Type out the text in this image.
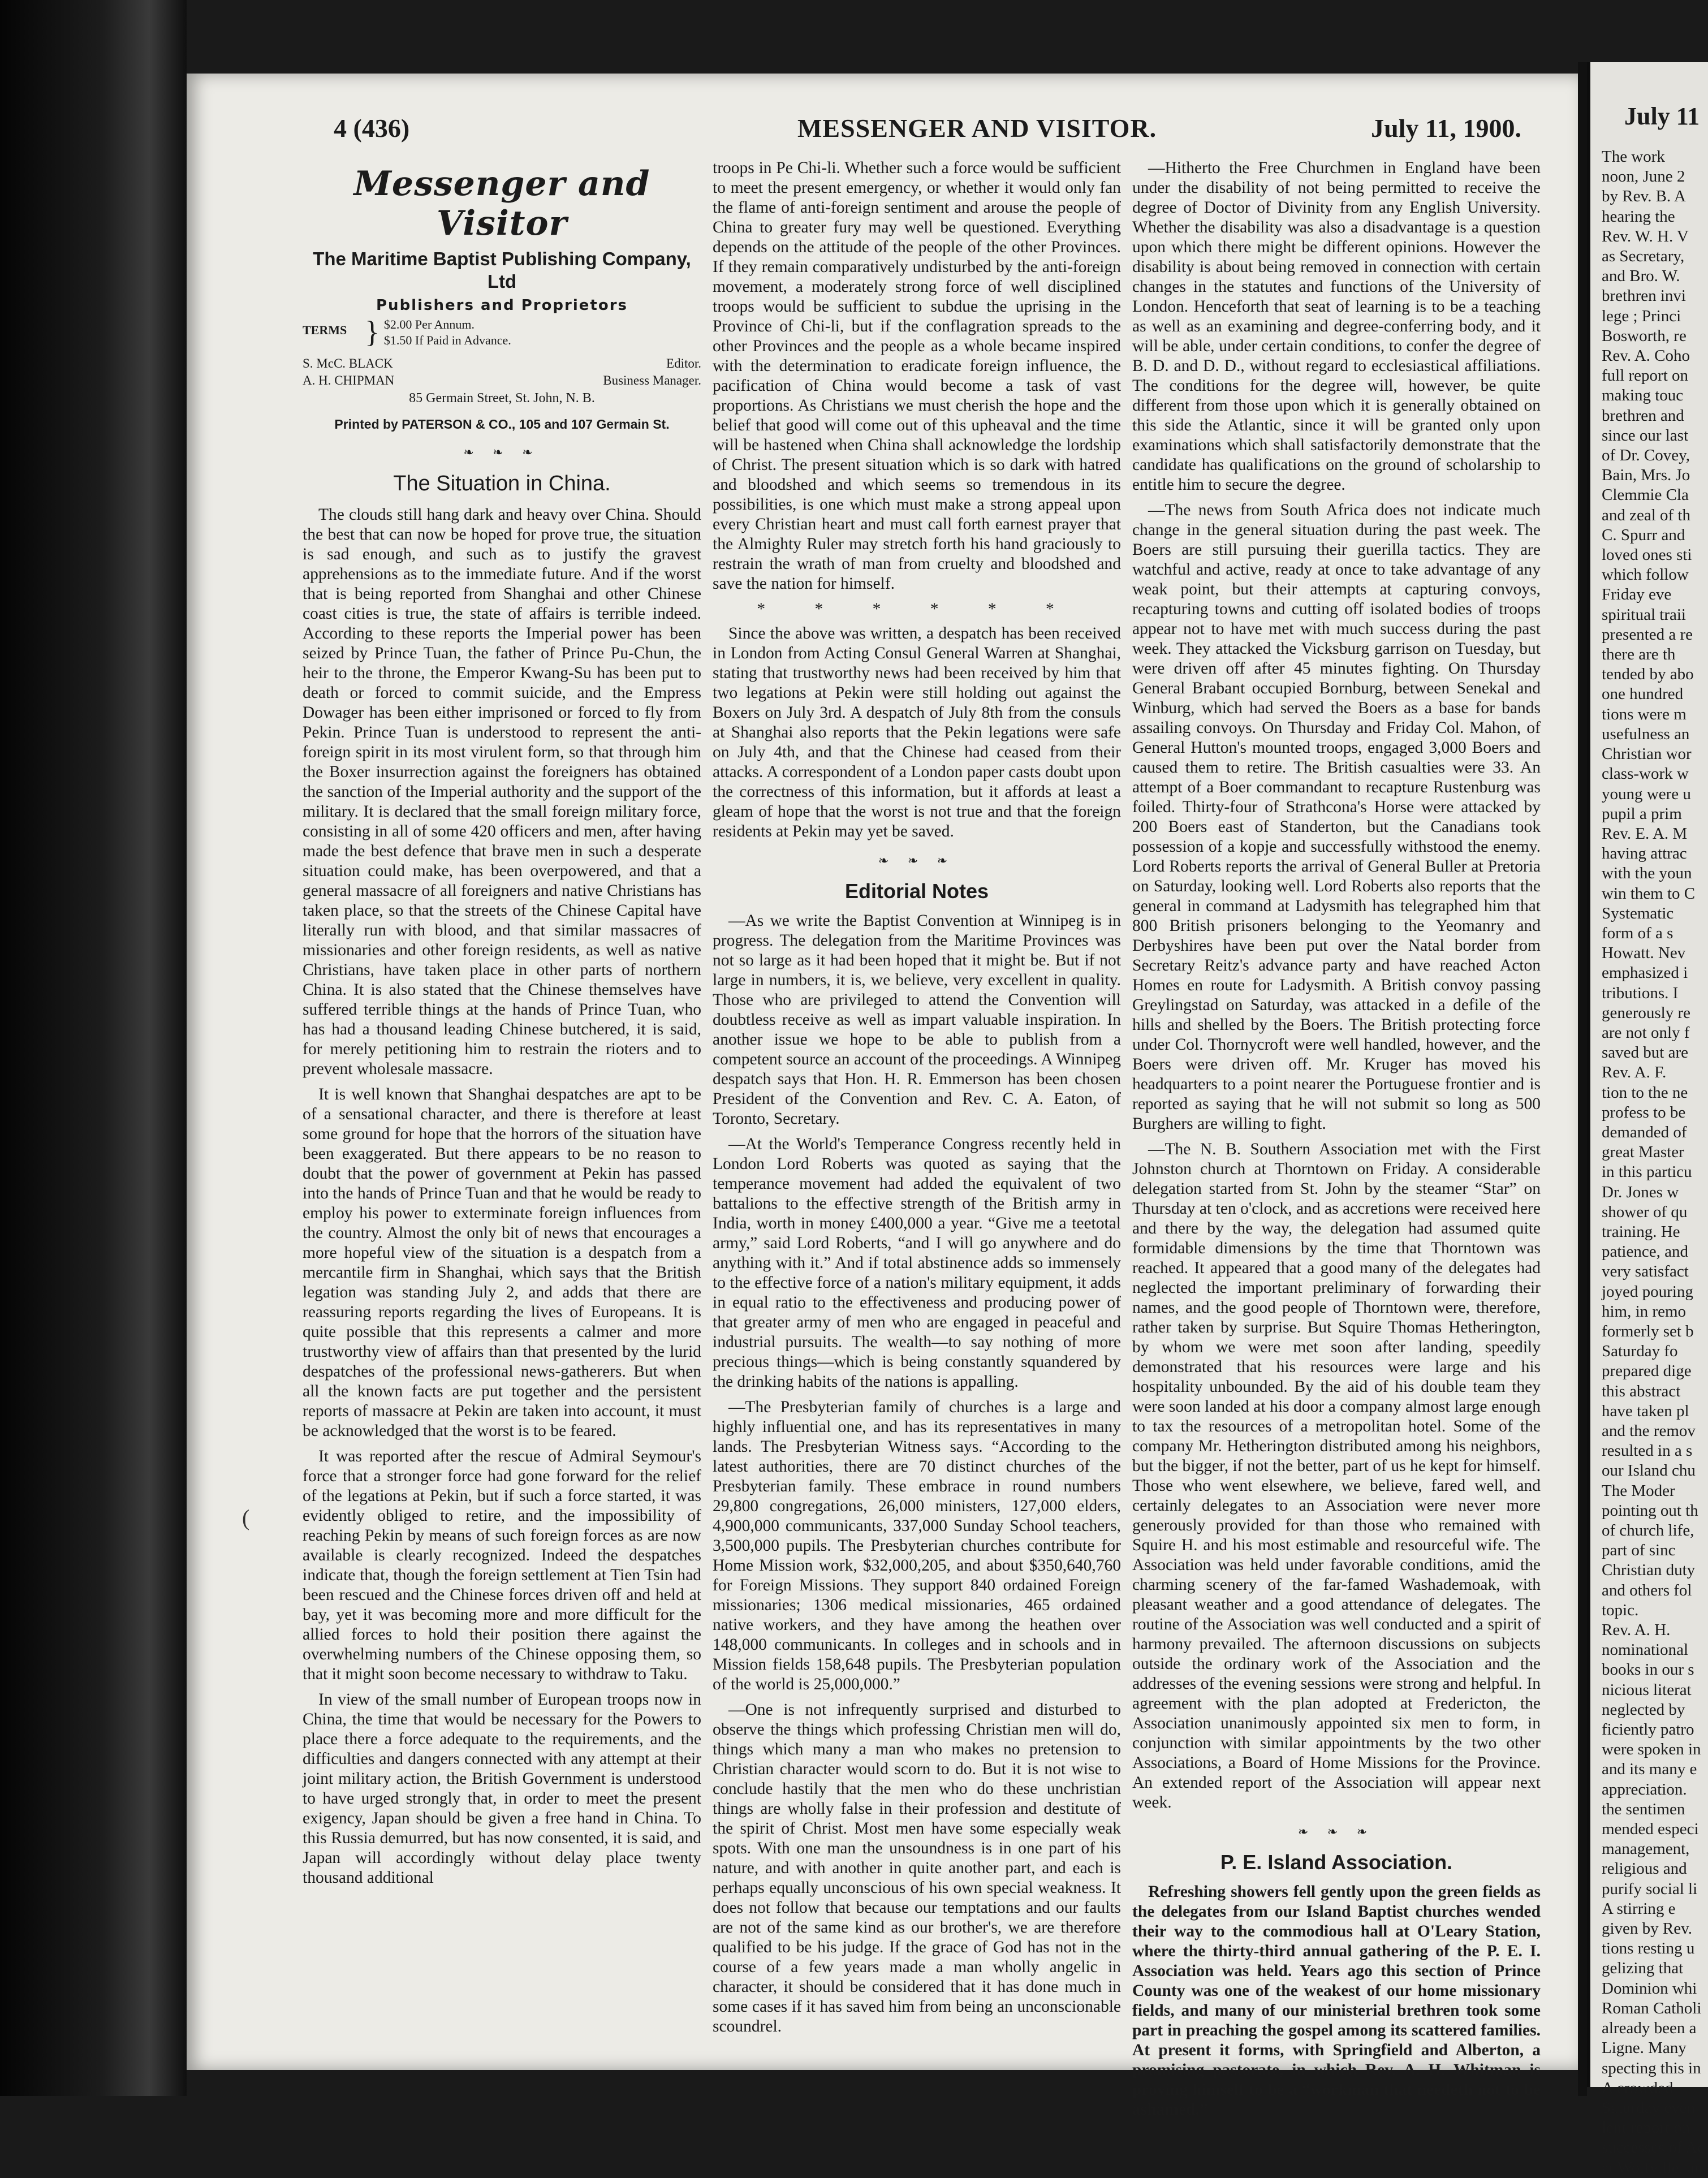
4 (436)	MESSENGER AND VISITOR.	July 11, 1900.
Messenger and Visitor
The Maritime Baptist Publishing Company, Ltd
Publishers and Proprietors
TERMS } $2.00 Per Annum.
$1.50 If Paid in Advance.
S. McC. BLACK	Editor.
A. H. CHIPMAN	Business Manager.
85 Germain Street, St. John, N. B.
Printed by PATERSON & CO., 105 and 107 Germain St.
❧ ❧ ❧
The Situation in China.

The clouds still hang dark and heavy over China. Should the best that can now be hoped for prove true, the situation is sad enough, and such as to justify the gravest apprehensions as to the immediate future. And if the worst that is being reported from Shanghai and other Chinese coast cities is true, the state of affairs is terrible indeed. According to these reports the Imperial power has been seized by Prince Tuan, the father of Prince Pu-Chun, the heir to the throne, the Emperor Kwang-Su has been put to death or forced to commit suicide, and the Empress Dowager has been either imprisoned or forced to fly from Pekin. Prince Tuan is understood to represent the anti-foreign spirit in its most virulent form, so that through him the Boxer insurrection against the foreigners has obtained the sanction of the Imperial authority and the support of the military. It is declared that the small foreign military force, consisting in all of some 420 officers and men, after having made the best defence that brave men in such a desperate situation could make, has been overpowered, and that a general massacre of all foreigners and native Christians has taken place, so that the streets of the Chinese Capital have literally run with blood, and that similar massacres of missionaries and other foreign residents, as well as native Christians, have taken place in other parts of northern China. It is also stated that the Chinese themselves have suffered terrible things at the hands of Prince Tuan, who has had a thousand leading Chinese butchered, it is said, for merely petitioning him to restrain the rioters and to prevent wholesale massacre.

It is well known that Shanghai despatches are apt to be of a sensational character, and there is therefore at least some ground for hope that the horrors of the situation have been exaggerated. But there appears to be no reason to doubt that the power of government at Pekin has passed into the hands of Prince Tuan and that he would be ready to employ his power to exterminate foreign influences from the country. Almost the only bit of news that encourages a more hopeful view of the situation is a despatch from a mercantile firm in Shanghai, which says that the British legation was standing July 2, and adds that there are reassuring reports regarding the lives of Europeans. It is quite possible that this represents a calmer and more trustworthy view of affairs than that presented by the lurid despatches of the professional news-gatherers. But when all the known facts are put together and the persistent reports of massacre at Pekin are taken into account, it must be acknowledged that the worst is to be feared.

It was reported after the rescue of Admiral Seymour's force that a stronger force had gone forward for the relief of the legations at Pekin, but if such a force started, it was evidently obliged to retire, and the impossibility of reaching Pekin by means of such foreign forces as are now available is clearly recognized. Indeed the despatches indicate that, though the foreign settlement at Tien Tsin had been rescued and the Chinese forces driven off and held at bay, yet it was becoming more and more difficult for the allied forces to hold their position there against the overwhelming numbers of the Chinese opposing them, so that it might soon become necessary to withdraw to Taku.

In view of the small number of European troops now in China, the time that would be necessary for the Powers to place there a force adequate to the requirements, and the difficulties and dangers connected with any attempt at their joint military action, the British Government is understood to have urged strongly that, in order to meet the present exigency, Japan should be given a free hand in China. To this Russia demurred, but has now consented, it is said, and Japan will accordingly without delay place twenty thousand additional

troops in Pe Chi-li. Whether such a force would be sufficient to meet the present emergency, or whether it would only fan the flame of anti-foreign sentiment and arouse the people of China to greater fury may well be questioned. Everything depends on the attitude of the people of the other Provinces. If they remain comparatively undisturbed by the anti-foreign movement, a moderately strong force of well disciplined troops would be sufficient to subdue the uprising in the Province of Chi-li, but if the conflagration spreads to the other Provinces and the people as a whole became inspired with the determination to eradicate foreign influence, the pacification of China would become a task of vast proportions. As Christians we must cherish the hope and the belief that good will come out of this upheaval and the time will be hastened when China shall acknowledge the lordship of Christ. The present situation which is so dark with hatred and bloodshed and which seems so tremendous in its possibilities, is one which must make a strong appeal upon every Christian heart and must call forth earnest prayer that the Almighty Ruler may stretch forth his hand graciously to restrain the wrath of man from cruelty and bloodshed and save the nation for himself.

* * * * * *

Since the above was written, a despatch has been received in London from Acting Consul General Warren at Shanghai, stating that trustworthy news had been received by him that two legations at Pekin were still holding out against the Boxers on July 3rd. A despatch of July 8th from the consuls at Shanghai also reports that the Pekin legations were safe on July 4th, and that the Chinese had ceased from their attacks. A correspondent of a London paper casts doubt upon the correctness of this information, but it affords at least a gleam of hope that the worst is not true and that the foreign residents at Pekin may yet be saved.

❧ ❧ ❧
Editorial Notes

—As we write the Baptist Convention at Winnipeg is in progress. The delegation from the Maritime Provinces was not so large as it had been hoped that it might be. But if not large in numbers, it is, we believe, very excellent in quality. Those who are privileged to attend the Convention will doubtless receive as well as impart valuable inspiration. In another issue we hope to be able to publish from a competent source an account of the proceedings. A Winnipeg despatch says that Hon. H. R. Emmerson has been chosen President of the Convention and Rev. C. A. Eaton, of Toronto, Secretary.

—At the World's Temperance Congress recently held in London Lord Roberts was quoted as saying that the temperance movement had added the equivalent of two battalions to the effective strength of the British army in India, worth in money £400,000 a year. “Give me a teetotal army,” said Lord Roberts, “and I will go anywhere and do anything with it.” And if total abstinence adds so immensely to the effective force of a nation's military equipment, it adds in equal ratio to the effectiveness and producing power of that greater army of men who are engaged in peaceful and industrial pursuits. The wealth—to say nothing of more precious things—which is being constantly squandered by the drinking habits of the nations is appalling.

—The Presbyterian family of churches is a large and highly influential one, and has its representatives in many lands. The Presbyterian Witness says. “According to the latest authorities, there are 70 distinct churches of the Presbyterian family. These embrace in round numbers 29,800 congregations, 26,000 ministers, 127,000 elders, 4,900,000 communicants, 337,000 Sunday School teachers, 3,500,000 pupils. The Presbyterian churches contribute for Home Mission work, $32,000,205, and about $350,640,760 for Foreign Missions. They support 840 ordained Foreign missionaries; 1306 medical missionaries, 465 ordained native workers, and they have among the heathen over 148,000 communicants. In colleges and in schools and in Mission fields 158,648 pupils. The Presbyterian population of the world is 25,000,000.”

—One is not infrequently surprised and disturbed to observe the things which professing Christian men will do, things which many a man who makes no pretension to Christian character would scorn to do. But it is not wise to conclude hastily that the men who do these unchristian things are wholly false in their profession and destitute of the spirit of Christ. Most men have some especially weak spots. With one man the unsoundness is in one part of his nature, and with another in quite another part, and each is perhaps equally unconscious of his own special weakness. It does not follow that because our temptations and our faults are not of the same kind as our brother's, we are therefore qualified to be his judge. If the grace of God has not in the course of a few years made a man wholly angelic in character, it should be considered that it has done much in some cases if it has saved him from being an unconscionable scoundrel.

—Hitherto the Free Churchmen in England have been under the disability of not being permitted to receive the degree of Doctor of Divinity from any English University. Whether the disability was also a disadvantage is a question upon which there might be different opinions. However the disability is about being removed in connection with certain changes in the statutes and functions of the University of London. Henceforth that seat of learning is to be a teaching as well as an examining and degree-conferring body, and it will be able, under certain conditions, to confer the degree of B. D. and D. D., without regard to ecclesiastical affiliations. The conditions for the degree will, however, be quite different from those upon which it is generally obtained on this side the Atlantic, since it will be granted only upon examinations which shall satisfactorily demonstrate that the candidate has qualifications on the ground of scholarship to entitle him to secure the degree.

—The news from South Africa does not indicate much change in the general situation during the past week. The Boers are still pursuing their guerilla tactics. They are watchful and active, ready at once to take advantage of any weak point, but their attempts at capturing convoys, recapturing towns and cutting off isolated bodies of troops appear not to have met with much success during the past week. They attacked the Vicksburg garrison on Tuesday, but were driven off after 45 minutes fighting. On Thursday General Brabant occupied Bornburg, between Senekal and Winburg, which had served the Boers as a base for bands assailing convoys. On Thursday and Friday Col. Mahon, of General Hutton's mounted troops, engaged 3,000 Boers and caused them to retire. The British casualties were 33. An attempt of a Boer commandant to recapture Rustenburg was foiled. Thirty-four of Strathcona's Horse were attacked by 200 Boers east of Standerton, but the Canadians took possession of a kopje and successfully withstood the enemy. Lord Roberts reports the arrival of General Buller at Pretoria on Saturday, looking well. Lord Roberts also reports that the general in command at Ladysmith has telegraphed him that 800 British prisoners belonging to the Yeomanry and Derbyshires have been put over the Natal border from Secretary Reitz's advance party and have reached Acton Homes en route for Ladysmith. A British convoy passing Greylingstad on Saturday, was attacked in a defile of the hills and shelled by the Boers. The British protecting force under Col. Thornycroft were well handled, however, and the Boers were driven off. Mr. Kruger has moved his headquarters to a point nearer the Portuguese frontier and is reported as saying that he will not submit so long as 500 Burghers are willing to fight.

—The N. B. Southern Association met with the First Johnston church at Thorntown on Friday. A considerable delegation started from St. John by the steamer “Star” on Thursday at ten o'clock, and as accretions were received here and there by the way, the delegation had assumed quite formidable dimensions by the time that Thorntown was reached. It appeared that a good many of the delegates had neglected the important preliminary of forwarding their names, and the good people of Thorntown were, therefore, rather taken by surprise. But Squire Thomas Hetherington, by whom we were met soon after landing, speedily demonstrated that his resources were large and his hospitality unbounded. By the aid of his double team they were soon landed at his door a company almost large enough to tax the resources of a metropolitan hotel. Some of the company Mr. Hetherington distributed among his neighbors, but the bigger, if not the better, part of us he kept for himself. Those who went elsewhere, we believe, fared well, and certainly delegates to an Association were never more generously provided for than those who remained with Squire H. and his most estimable and resourceful wife. The Association was held under favorable conditions, amid the charming scenery of the far-famed Washademoak, with pleasant weather and a good attendance of delegates. The routine of the Association was well conducted and a spirit of harmony prevailed. The afternoon discussions on subjects outside the ordinary work of the Association and the addresses of the evening sessions were strong and helpful. In agreement with the plan adopted at Fredericton, the Association unanimously appointed six men to form, in conjunction with similar appointments by the two other Associations, a Board of Home Missions for the Province. An extended report of the Association will appear next week.

❧ ❧ ❧
P. E. Island Association.

Refreshing showers fell gently upon the green fields as the delegates from our Island Baptist churches wended their way to the commodious hall at O'Leary Station, where the thirty-third annual gathering of the P. E. I. Association was held. Years ago this section of Prince County was one of the weakest of our home missionary fields, and many of our ministerial brethren took some part in preaching the gospel among its scattered families. At present it forms, with Springfield and Alberton, a promising pastorate, in which Rev. A. H. Whitman is proving himself to be a “workman that needeth not to be ashamed.”

(
July 11
The work
noon, June 2
by Rev. B. A
hearing the
Rev. W. H. V
as Secretary,
and Bro. W.
brethren invi
lege ; Princi
Bosworth, re
Rev. A. Coho
full report on
making touc
brethren and
since our last
of Dr. Covey,
Bain, Mrs. Jo
Clemmie Cla
and zeal of th
C. Spurr and
loved ones sti
which follow
Friday eve
spiritual traii
presented a re
there are th
tended by abo
one hundred
tions were m
usefulness an
Christian wor
class-work w
young were u
pupil a prim
Rev. E. A. M
having attrac
with the youn
win them to C
Systematic
form of a s
Howatt. Nev
emphasized i
tributions. I
generously re
are not only f
saved but are
Rev. A. F.
tion to the ne
profess to be
demanded of
great Master
in this particu
Dr. Jones w
shower of qu
training. He
patience, and
very satisfact
joyed pouring
him, in remo
formerly set b
Saturday fo
prepared dige
this abstract
have taken pl
and the remov
resulted in a s
our Island chu
The Moder
pointing out th
of church life,
part of sinc
Christian duty
and others fol
topic.
Rev. A. H.
nominational
books in our s
nicious literat
neglected by
ficiently patro
were spoken in
and its many e
appreciation.
the sentimen
mended especi
management,
religious and
purify social li
A stirring e
given by Rev.
tions resting u
gelizing that
Dominion whi
Roman Catholi
already been a
Ligne. Many
specting this in
A crowded
Saturday even
lent report on
successes of Ac
at Wolfville, an
